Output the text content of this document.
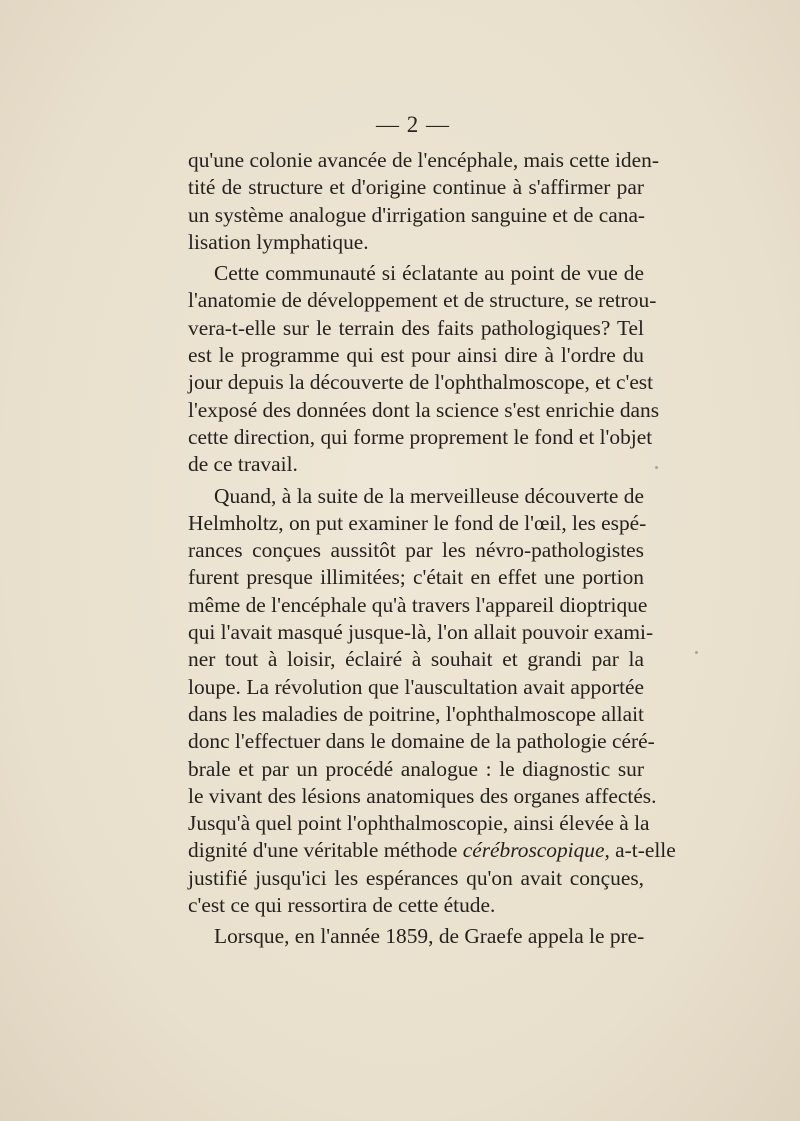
— 2 —
qu'une colonie avancée de l'encéphale, mais cette iden-
tité de structure et d'origine continue à s'affirmer par
un système analogue d'irrigation sanguine et de cana-
lisation lymphatique.
Cette communauté si éclatante au point de vue de
l'anatomie de développement et de structure, se retrou-
vera-t-elle sur le terrain des faits pathologiques? Tel
est le programme qui est pour ainsi dire à l'ordre du
jour depuis la découverte de l'ophthalmoscope, et c'est
l'exposé des données dont la science s'est enrichie dans
cette direction, qui forme proprement le fond et l'objet
de ce travail.
Quand, à la suite de la merveilleuse découverte de
Helmholtz, on put examiner le fond de l'œil, les espé-
rances conçues aussitôt par les névro-pathologistes
furent presque illimitées; c'était en effet une portion
même de l'encéphale qu'à travers l'appareil dioptrique
qui l'avait masqué jusque-là, l'on allait pouvoir exami-
ner tout à loisir, éclairé à souhait et grandi par la
loupe. La révolution que l'auscultation avait apportée
dans les maladies de poitrine, l'ophthalmoscope allait
donc l'effectuer dans le domaine de la pathologie céré-
brale et par un procédé analogue : le diagnostic sur
le vivant des lésions anatomiques des organes affectés.
Jusqu'à quel point l'ophthalmoscopie, ainsi élevée à la
dignité d'une véritable méthode cérébroscopique, a-t-elle
justifié jusqu'ici les espérances qu'on avait conçues,
c'est ce qui ressortira de cette étude.
Lorsque, en l'année 1859, de Graefe appela le pre-
